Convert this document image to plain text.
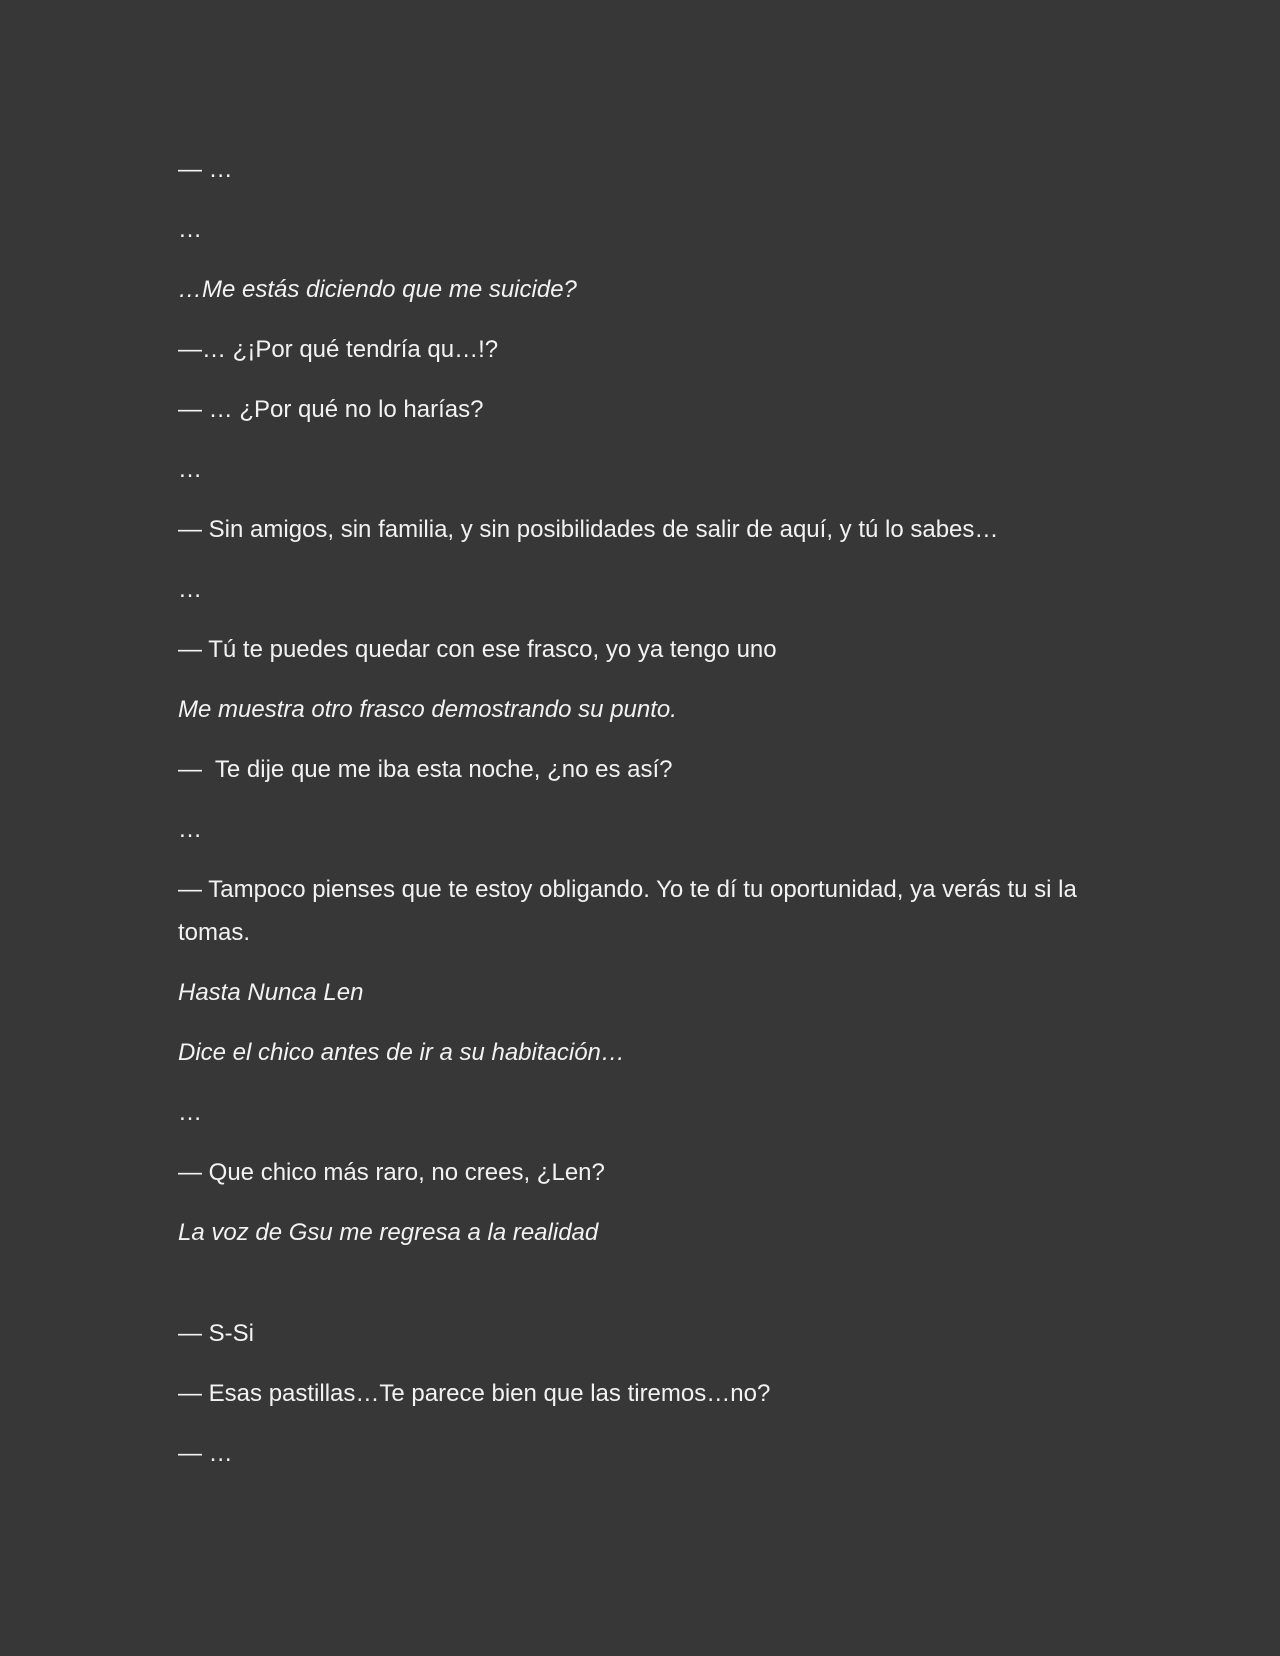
— …

…

…Me estás diciendo que me suicide?

—… ¿¡Por qué tendría qu…!?

— … ¿Por qué no lo harías?

…

— Sin amigos, sin familia, y sin posibilidades de salir de aquí, y tú lo sabes…

…

— Tú te puedes quedar con ese frasco, yo ya tengo uno

Me muestra otro frasco demostrando su punto.

—  Te dije que me iba esta noche, ¿no es así?

…

— Tampoco pienses que te estoy obligando. Yo te dí tu oportunidad, ya verás tu si la tomas.

Hasta Nunca Len

Dice el chico antes de ir a su habitación…

…

— Que chico más raro, no crees, ¿Len?

La voz de Gsu me regresa a la realidad

— S-Si

— Esas pastillas…Te parece bien que las tiremos…no?

— …
